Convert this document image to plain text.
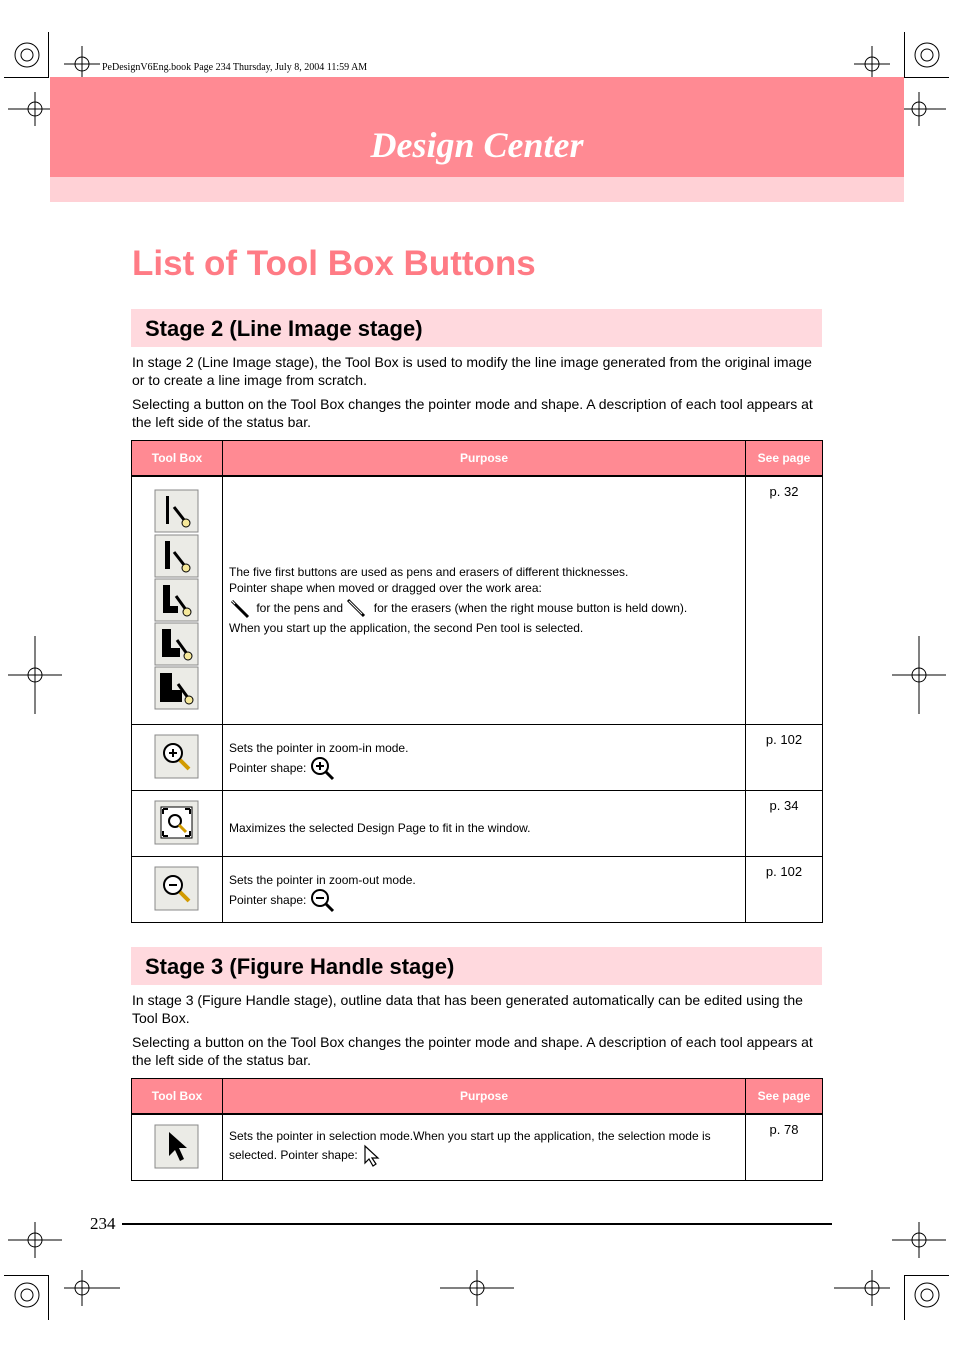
PeDesignV6Eng.book Page 234 Thursday, July 8, 2004 11:59 AM
Design Center
List of Tool Box Buttons
Stage 2 (Line Image stage)
In stage 2 (Line Image stage), the Tool Box is used to modify the line image generated from the original image or to create a line image from scratch.
Selecting a button on the Tool Box changes the pointer mode and shape. A description of each tool appears at the left side of the status bar.
Tool Box	Purpose	See page

The five first buttons are used as pens and erasers of different thicknesses.
Pointer shape when moved or dragged over the work area:
for the pens and for the erasers (when the right mouse button is held down).
When you start up the application, the second Pen tool is selected.	p. 32

Sets the pointer in zoom-in mode.
Pointer shape:	p. 102

Maximizes the selected Design Page to fit in the window.	p. 34

Sets the pointer in zoom-out mode.
Pointer shape:	p. 102
Stage 3 (Figure Handle stage)
In stage 3 (Figure Handle stage), outline data that has been generated automatically can be edited using the Tool Box.
Selecting a button on the Tool Box changes the pointer mode and shape. A description of each tool appears at the left side of the status bar.
Tool Box	Purpose	See page

Sets the pointer in selection mode.When you start up the application, the selection mode is selected. Pointer shape:	p. 78
234
